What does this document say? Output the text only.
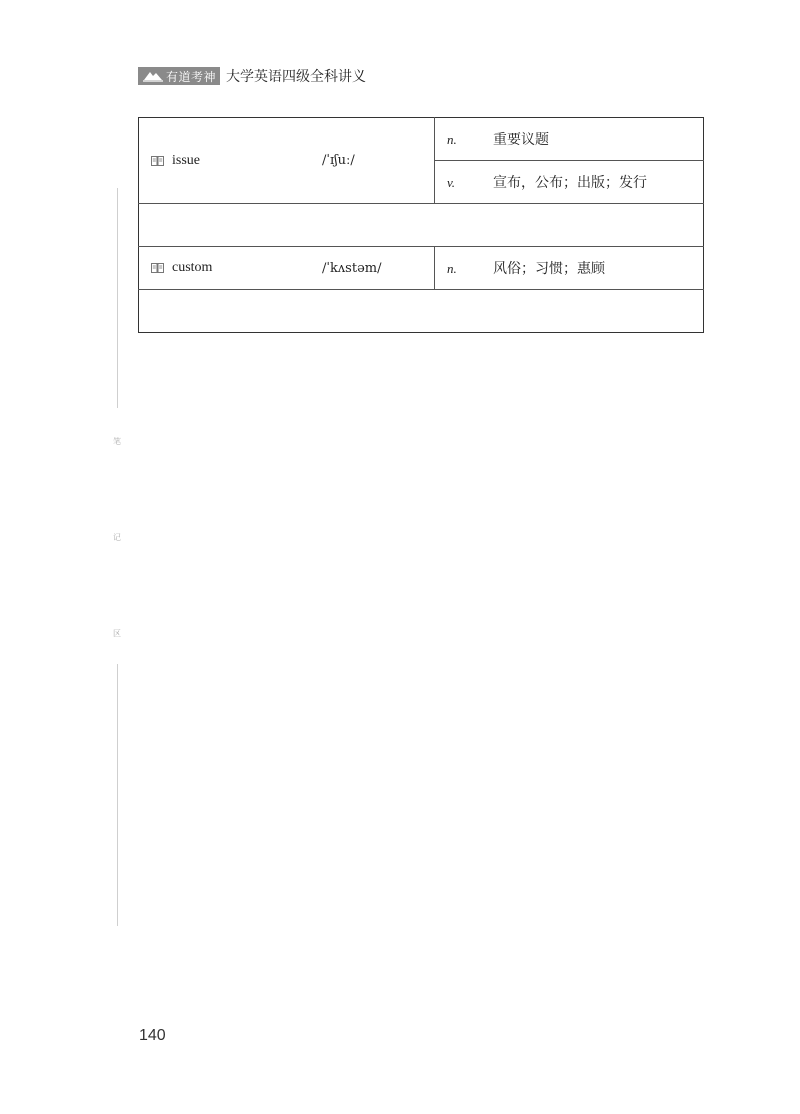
有道考神 大学英语四级全科讲义
issue /ˈɪʃuː/	n. 重要议题
	v. 宣布，公布；出版；发行

custom /ˈkʌstəm/	n. 风俗；习惯；惠顾

笔
记
区
140
